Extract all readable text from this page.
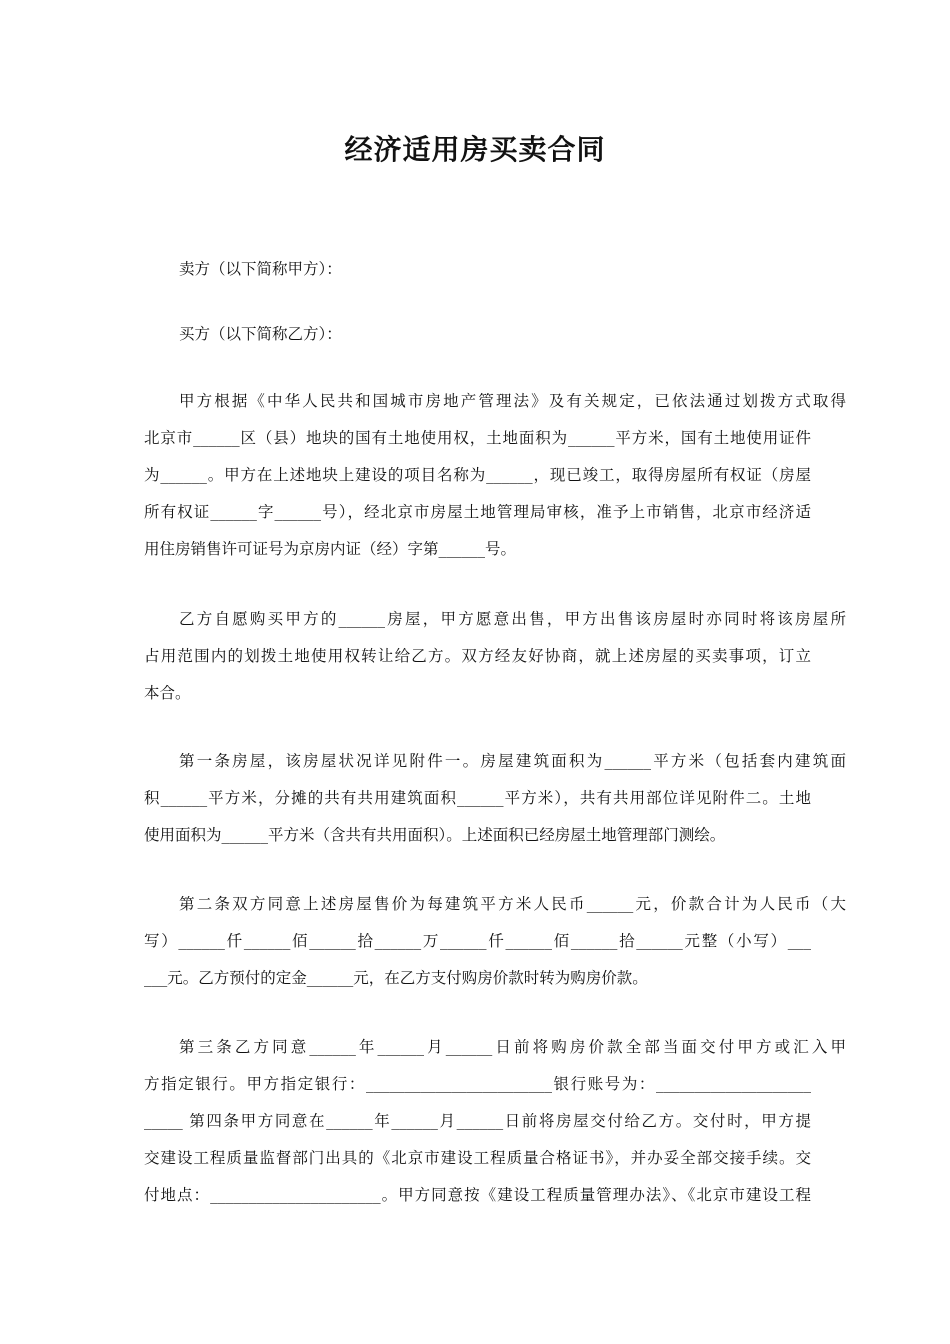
经济适用房买卖合同
卖方（以下简称甲方）：
买方（以下简称乙方）：
甲方根据《中华人民共和国城市房地产管理法》及有关规定，已依法通过划拨方式取得
北京市______区（县）地块的国有土地使用权，土地面积为______平方米，国有土地使用证件
为______。甲方在上述地块上建设的项目名称为______，现已竣工，取得房屋所有权证（房屋
所有权证______字______号），经北京市房屋土地管理局审核，准予上市销售，北京市经济适
用住房销售许可证号为京房内证（经）字第______号。
乙方自愿购买甲方的______房屋，甲方愿意出售，甲方出售该房屋时亦同时将该房屋所
占用范围内的划拨土地使用权转让给乙方。双方经友好协商，就上述房屋的买卖事项，订立
本合。
第一条房屋，该房屋状况详见附件一。房屋建筑面积为______平方米（包括套内建筑面
积______平方米，分摊的共有共用建筑面积______平方米），共有共用部位详见附件二。土地
使用面积为______平方米（含共有共用面积）。上述面积已经房屋土地管理部门测绘。
第二条双方同意上述房屋售价为每建筑平方米人民币______元，价款合计为人民币（大
写）______仟______佰______拾______万______仟______佰______拾______元整（小写）___
___元。乙方预付的定金______元，在乙方支付购房价款时转为购房价款。
第三条乙方同意______年______月______日前将购房价款全部当面交付甲方或汇入甲
方指定银行。甲方指定银行：________________________银行账号为：____________________
_____ 第四条甲方同意在______年______月______日前将房屋交付给乙方。交付时，甲方提
交建设工程质量监督部门出具的《北京市建设工程质量合格证书》，并办妥全部交接手续。交
付地点：______________________。甲方同意按《建设工程质量管理办法》、《北京市建设工程
